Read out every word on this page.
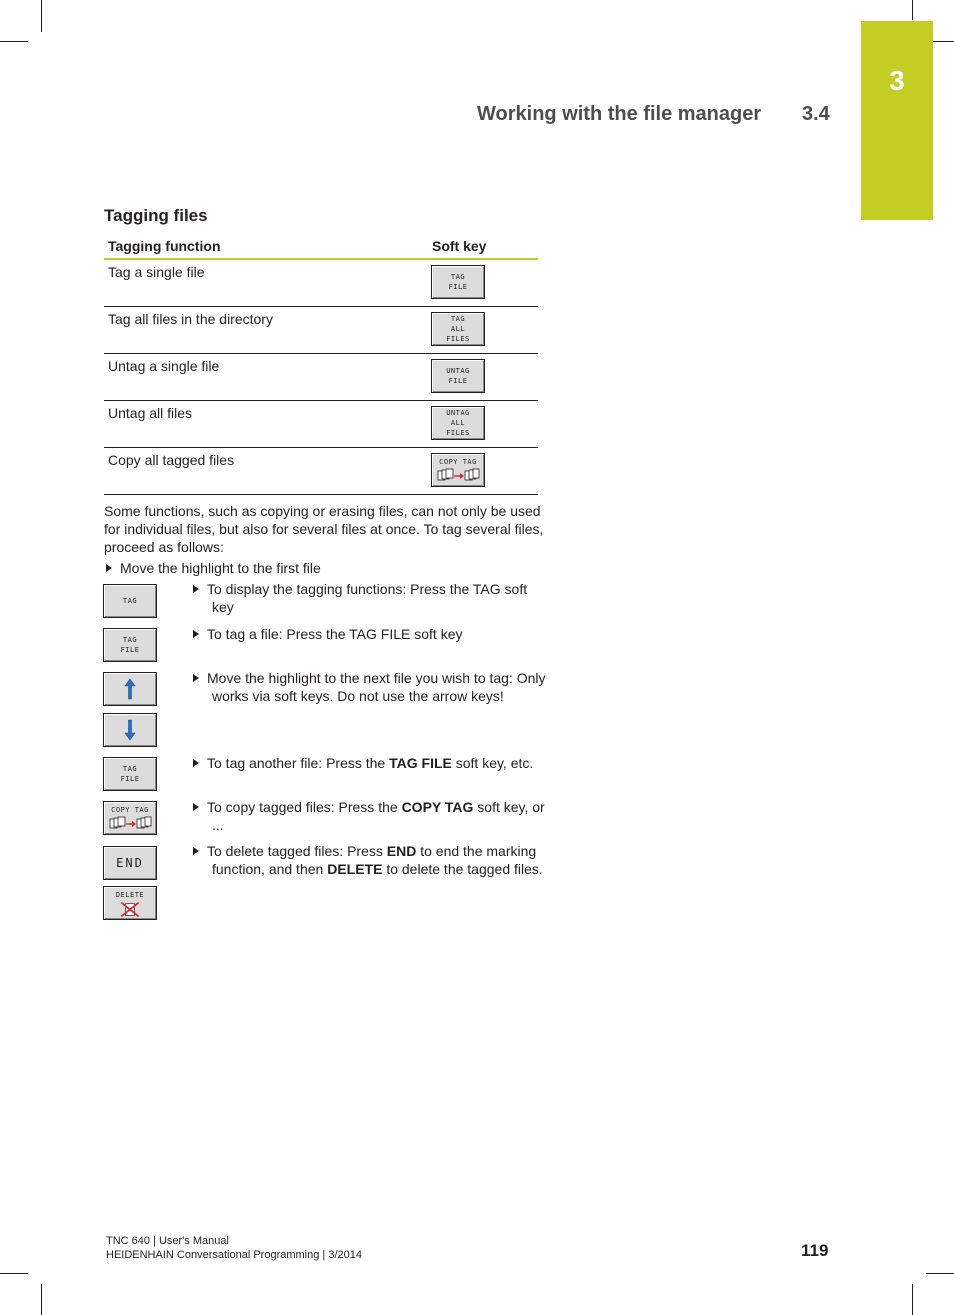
3
Working with the file manager 3.4
Tagging files
Tagging function	Soft key
Tag a single file	TAG
FILE
Tag all files in the directory	TAG
ALL
FILES
Untag a single file	UNTAG
FILE
Untag all files	UNTAG
ALL
FILES
Copy all tagged files	COPY TAG
Some functions, such as copying or erasing files, can not only be used for individual files, but also for several files at once. To tag several files, proceed as follows:
Move the highlight to the first file
TAG
TAG
FILE
TAG
FILE
COPY TAG
END
DELETE
To display the tagging functions: Press the TAG soft key
To tag a file: Press the TAG FILE soft key
Move the highlight to the next file you wish to tag: Only works via soft keys. Do not use the arrow keys!
To tag another file: Press the TAG FILE soft key, etc.
To copy tagged files: Press the COPY TAG soft key, or ...
To delete tagged files: Press END to end the marking function, and then DELETE to delete the tagged files.
TNC 640 | User's Manual
HEIDENHAIN Conversational Programming | 3/2014	119
